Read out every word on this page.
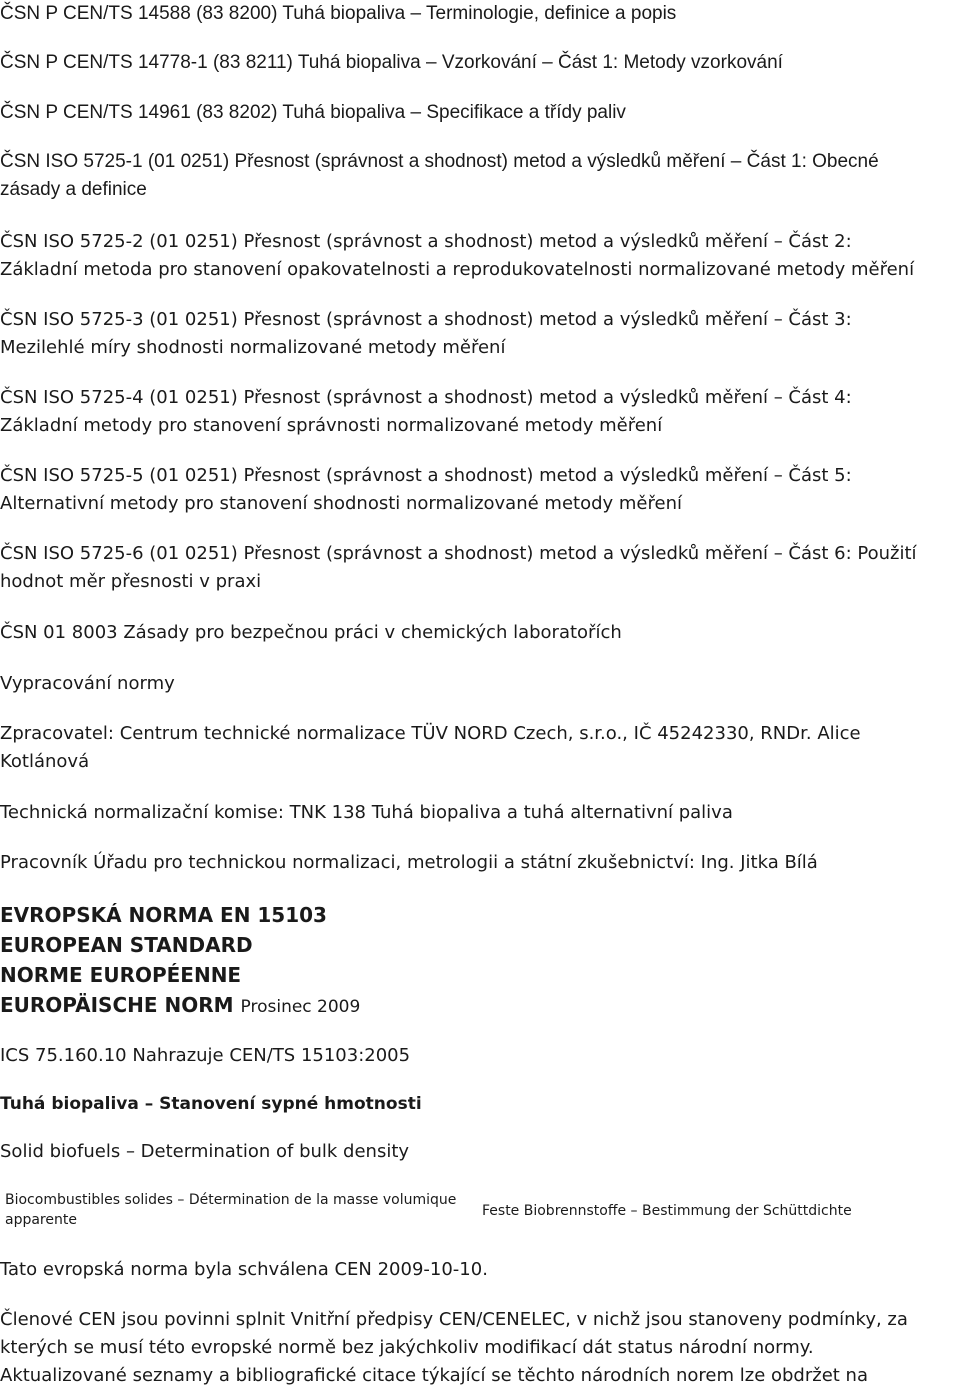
ČSN P CEN/TS 14588 (83 8200) Tuhá biopaliva – Terminologie, definice a popis

ČSN P CEN/TS 14778-1 (83 8211) Tuhá biopaliva – Vzorkování – Část 1: Metody vzorkování

ČSN P CEN/TS 14961 (83 8202) Tuhá biopaliva – Specifikace a třídy paliv

ČSN ISO 5725-1 (01 0251) Přesnost (správnost a shodnost) metod a výsledků měření – Část 1: Obecné
zásady a definice
ČSN ISO 5725-2 (01 0251) Přesnost (správnost a shodnost) metod a výsledků měření – Část 2:
Základní metoda pro stanovení opakovatelnosti a reprodukovatelnosti normalizované metody měření
ČSN ISO 5725-3 (01 0251) Přesnost (správnost a shodnost) metod a výsledků měření – Část 3:
Mezilehlé míry shodnosti normalizované metody měření
ČSN ISO 5725-4 (01 0251) Přesnost (správnost a shodnost) metod a výsledků měření – Část 4:
Základní metody pro stanovení správnosti normalizované metody měření
ČSN ISO 5725-5 (01 0251) Přesnost (správnost a shodnost) metod a výsledků měření – Část 5:
Alternativní metody pro stanovení shodnosti normalizované metody měření
ČSN ISO 5725-6 (01 0251) Přesnost (správnost a shodnost) metod a výsledků měření – Část 6: Použití
hodnot měr přesnosti v praxi

ČSN 01 8003 Zásady pro bezpečnou práci v chemických laboratořích

Vypracování normy

Zpracovatel: Centrum technické normalizace TÜV NORD Czech, s.r.o., IČ 45242330, RNDr. Alice
Kotlánová

Technická normalizační komise: TNK 138 Tuhá biopaliva a tuhá alternativní paliva

Pracovník Úřadu pro technickou normalizaci, metrologii a státní zkušebnictví: Ing. Jitka Bílá

EVROPSKÁ NORMA EN 15103
EUROPEAN STANDARD
NORME EUROPÉENNE
EUROPÄISCHE NORM Prosinec 2009

ICS 75.160.10 Nahrazuje CEN/TS 15103:2005

Tuhá biopaliva – Stanovení sypné hmotnosti

Solid biofuels – Determination of bulk density

Biocombustibles solides – Détermination de la masse volumique apparente
Feste Biobrennstoffe – Bestimmung der Schüttdichte

Tato evropská norma byla schválena CEN 2009-10-10.

Členové CEN jsou povinni splnit Vnitřní předpisy CEN/CENELEC, v nichž jsou stanoveny podmínky, za
kterých se musí této evropské normě bez jakýchkoliv modifikací dát status národní normy.
Aktualizované seznamy a bibliografické citace týkající se těchto národních norem lze obdržet na
